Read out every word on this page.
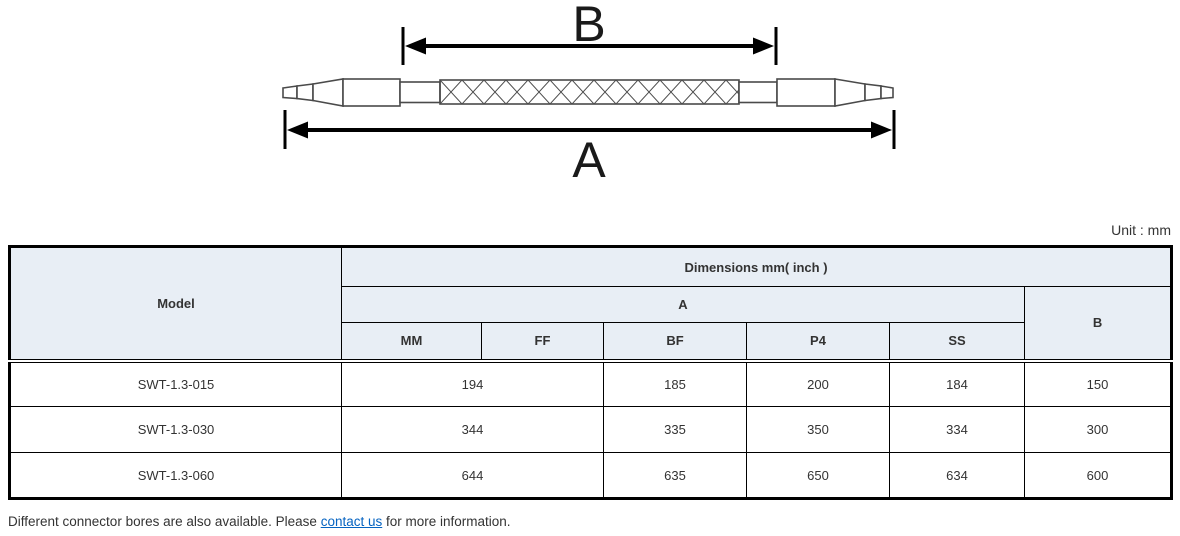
B
A
Unit : mm
Model	Dimensions mm( inch )					
	A					B
	MM	FF	BF	P4	SS	
SWT-1.3-015	194		185	200	184	150
SWT-1.3-030	344		335	350	334	300
SWT-1.3-060	644		635	650	634	600

Different connector bores are also available. Please contact us for more information.
